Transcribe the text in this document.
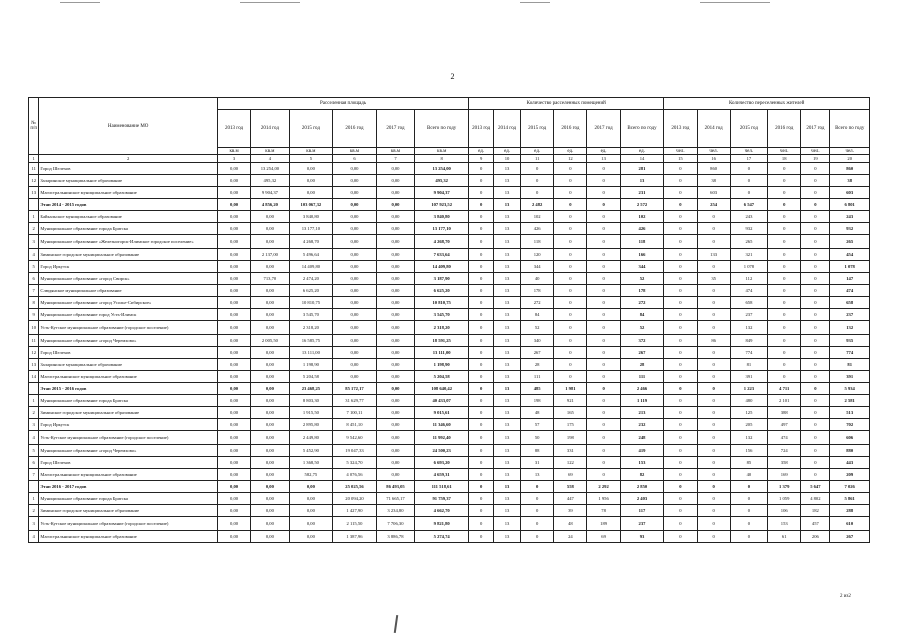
2
№ п/п	Наименование МО	Расселенная площадь						Количество расселенных помещений						Количество переселенных жителей					
		2013 год	2014 год	2015 год	2016 год	2017 год	Всего по году	2013 год	2014 год	2015 год	2016 год	2017 год	Всего по году	2013 год	2014 год	2015 год	2016 год	2017 год	Всего по году
		кв.м	кв.м	кв.м	кв.м	кв.м	кв.м	ед.	ед.	ед.	ед.	ед.	ед.	чел.	чел.	чел.	чел.	чел.	чел.
1	2	3	4	5	6	7	8	9	10	11	12	13	14	15	16	17	18	19	20
11	Город Шелехов	0,00	13 254,00	0,00	0,00	0,00	13 254,00	0	13	0	0	0	281	0	860	0	0	0	860
12	Заларинское муниципальное образование	0,00	495,32	0,00	0,00	0,00	495,32	0	13	0	0	0	13	0	38	0	0	0	38
13	Магистральнинское муниципальное образование	0,00	9 904,37	0,00	0,00	0,00	9 904,37	0	13	0	0	0	231	0	603	0	0	0	603
	Этап 2014 - 2015 годов	0,00	4 856,20	103 067,32	0,00	0,00	107 923,52	0	13	2 482	0	0	2 572	0	254	6 547	0	0	6 801
1	Байкальское муниципальное образование	0,00	0,00	3 840,80	0,00	0,00	3 840,80	0	13	102	0	0	102	0	0	243	0	0	243
2	Муниципальное образование города Братска	0,00	0,00	13 177,10	0,00	0,00	13 177,10	0	13	426	0	0	426	0	0	932	0	0	932
3	Муниципальное образование «Железногорск-Илимское городское поселение»	0,00	0,00	4 268,70	0,00	0,00	4 268,70	0	13	118	0	0	118	0	0	265	0	0	265
4	Зиминское городское муниципальное образование	0,00	2 137,00	5 496,64	0,00	0,00	7 633,64	0	13	120	0	0	166	0	133	321	0	0	454
5	Город Иркутск	0,00	0,00	14 409,80	0,00	0,00	14 409,80	0	13	344	0	0	344	0	0	1 078	0	0	1 078
6	Муниципальное образование «город Свирск»	0,00	713,70	2 474,20	0,00	0,00	3 187,90	0	13	40	0	0	52	0	35	112	0	0	147
7	Слюдянское муниципальное образование	0,00	0,00	6 625,20	0,00	0,00	6 625,20	0	13	178	0	0	178	0	0	474	0	0	474
8	Муниципальное образование «город Усолье-Сибирское»	0,00	0,00	10 810,75	0,00	0,00	10 810,75	0	13	272	0	0	272	0	0	658	0	0	658
9	Муниципальное образование город Усть-Илимск	0,00	0,00	3 545,70	0,00	0,00	3 545,70	0	13	84	0	0	84	0	0	237	0	0	237
10	Усть-Кутское муниципальное образование (городское поселение)	0,00	0,00	2 318,20	0,00	0,00	2 318,20	0	13	52	0	0	52	0	0	132	0	0	132
11	Муниципальное образование «город Черемхово»	0,00	2 005,50	16 585,75	0,00	0,00	18 591,25	0	13	340	0	0	372	0	86	849	0	0	935
12	Город Шелехов	0,00	0,00	13 111,00	0,00	0,00	13 111,00	0	13	267	0	0	267	0	0	774	0	0	774
13	Заларинское муниципальное образование	0,00	0,00	1 198,90	0,00	0,00	1 198,90	0	13	28	0	0	28	0	0	81	0	0	81
14	Магистральнинское муниципальное образование	0,00	0,00	5 204,58	0,00	0,00	5 204,58	0	13	111	0	0	111	0	0	391	0	0	391
	Этап 2015 - 2016 годов	0,00	0,00	23 468,25	85 172,17	0,00	108 640,42	0	13	485	1 981	0	2 466	0	0	1 223	4 711	0	5 934
1	Муниципальное образование города Братска	0,00	0,00	8 803,30	31 629,77	0,00	40 433,07	0	13	198	921	0	1 119	0	0	480	2 101	0	2 581
2	Зиминское городское муниципальное образование	0,00	0,00	1 915,50	7 100,11	0,00	9 015,61	0	13	48	165	0	213	0	0	125	388	0	513
3	Город Иркутск	0,00	0,00	2 895,80	8 451,10	0,00	11 346,60	0	13	57	175	0	232	0	0	205	497	0	702
4	Усть-Кутское муниципальное образование (городское поселение)	0,00	0,00	2 449,80	9 542,60	0,00	11 992,40	0	13	50	198	0	248	0	0	132	474	0	606
5	Муниципальное образование «город Черемхово»	0,00	0,00	5 452,90	19 047,33	0,00	24 500,23	0	13	88	331	0	419	0	0	156	724	0	880
6	Город Шелехов	0,00	0,00	1 368,50	5 324,70	0,00	6 693,20	0	13	31	122	0	153	0	0	85	358	0	443
7	Магистральнинское муниципальное образование	0,00	0,00	582,75	4 076,56	0,00	4 659,31	0	13	13	69	0	82	0	0	40	169	0	209
	Этап 2016 - 2017 годов	0,00	0,00	0,00	25 025,56	86 493,05	111 518,61	0	13	0	558	2 292	2 850	0	0	0	1 379	5 647	7 026
1	Муниципальное образование города Братска	0,00	0,00	0,00	20 094,20	71 665,17	91 759,37	0	13	0	447	1 956	2 403	0	0	0	1 059	4 802	5 861
2	Зиминское городское муниципальное образование	0,00	0,00	0,00	1 427,90	3 234,80	4 662,70	0	13	0	39	78	117	0	0	0	106	182	288
3	Усть-Кутское муниципальное образование (городское поселение)	0,00	0,00	0,00	2 115,50	7 706,30	9 821,80	0	13	0	48	189	237	0	0	0	153	457	610
4	Магистральнинское муниципальное образование	0,00	0,00	0,00	1 387,96	3 886,78	5 274,74	0	13	0	24	69	93	0	0	0	61	206	267
2 из2
